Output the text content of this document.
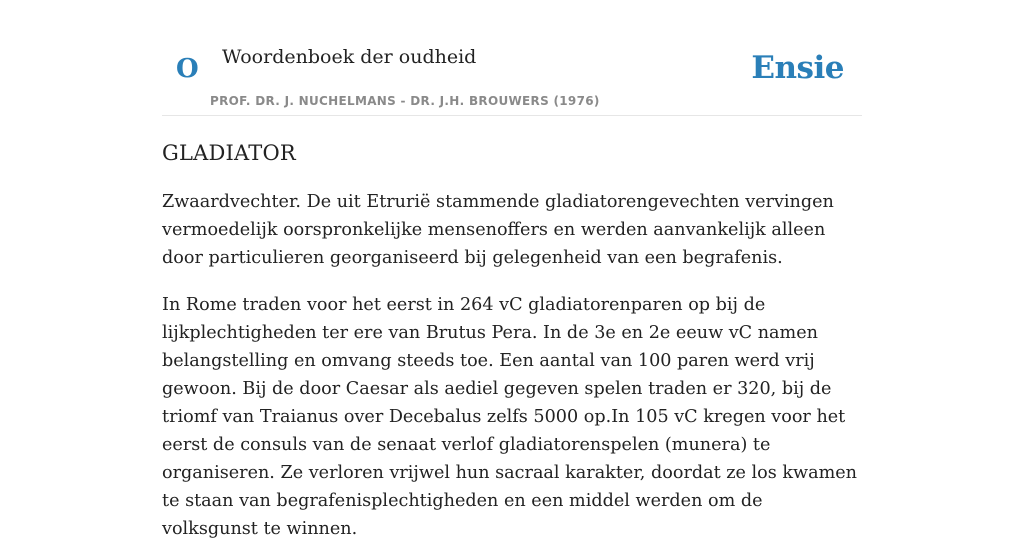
O Woordenboek der oudheid
PROF. DR. J. NUCHELMANS - DR. J.H. BROUWERS (1976)
Ensie
GLADIATOR

Zwaardvechter. De uit Etrurië stammende gladiatorengevechten vervingen vermoedelijk oorspronkelijke mensenoffers en werden aanvankelijk alleen door particulieren georganiseerd bij gelegenheid van een begrafenis.

In Rome traden voor het eerst in 264 vC gladiatorenparen op bij de lijkplechtigheden ter ere van Brutus Pera. In de 3e en 2e eeuw vC namen belangstelling en omvang steeds toe. Een aantal van 100 paren werd vrij gewoon. Bij de door Caesar als aediel gegeven spelen traden er 320, bij de triomf van Traianus over Decebalus zelfs 5000 op.In 105 vC kregen voor het eerst de consuls van de senaat verlof gladiatorenspelen (munera) te organiseren. Ze verloren vrijwel hun sacraal karakter, doordat ze los kwamen te staan van begrafenisplechtigheden en een middel werden om de volksgunst te winnen.
